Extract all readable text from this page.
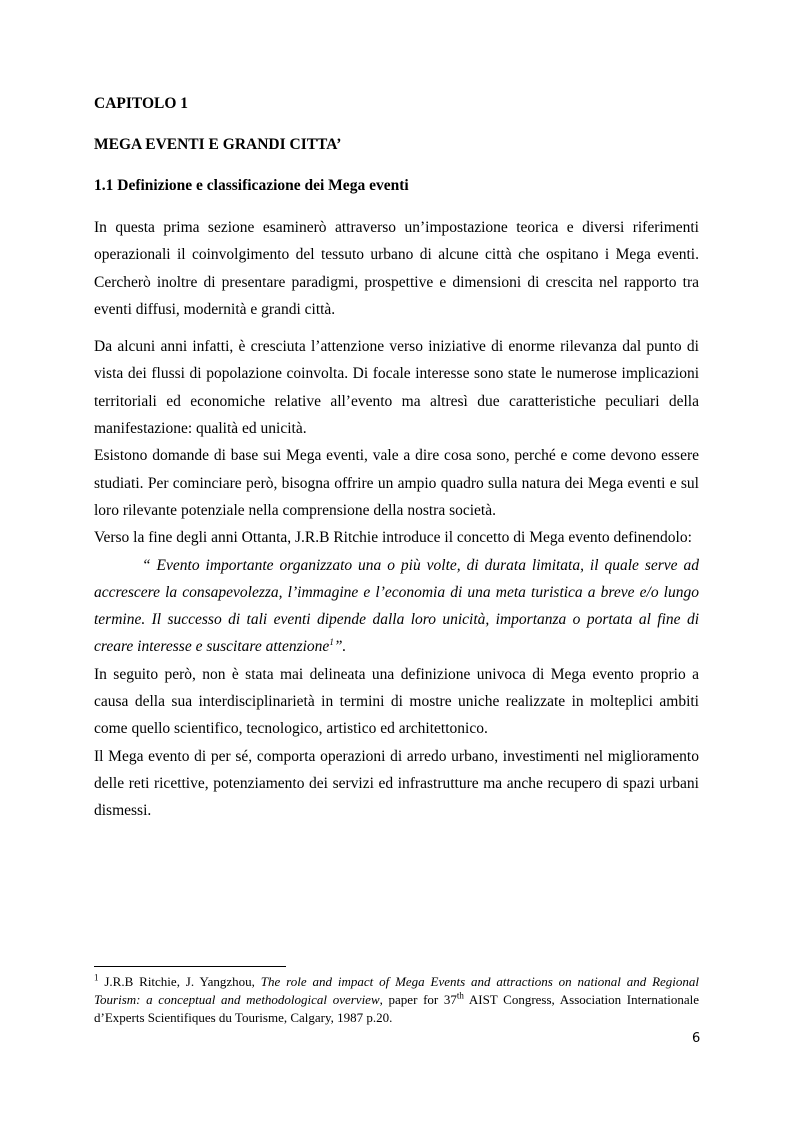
CAPITOLO 1

MEGA EVENTI E GRANDI CITTA’

1.1 Definizione e classificazione dei Mega eventi

In questa prima sezione esaminerò attraverso un’impostazione teorica e diversi riferimenti operazionali il coinvolgimento del tessuto urbano di alcune città che ospitano i Mega eventi. Cercherò inoltre di presentare paradigmi, prospettive e dimensioni di crescita nel rapporto tra eventi diffusi, modernità e grandi città.

Da alcuni anni infatti, è cresciuta l’attenzione verso iniziative di enorme rilevanza dal punto di vista dei flussi di popolazione coinvolta. Di focale interesse sono state le numerose implicazioni territoriali ed economiche relative all’evento ma altresì due caratteristiche peculiari della manifestazione: qualità ed unicità.

Esistono domande di base sui Mega eventi, vale a dire cosa sono, perché e come devono essere studiati. Per cominciare però, bisogna offrire un ampio quadro sulla natura dei Mega eventi e sul loro rilevante potenziale nella comprensione della nostra società.

Verso la fine degli anni Ottanta, J.R.B Ritchie introduce il concetto di Mega evento definendolo:

“ Evento importante organizzato una o più volte, di durata limitata, il quale serve ad accrescere la consapevolezza, l’immagine e l’economia di una meta turistica a breve e/o lungo termine. Il successo di tali eventi dipende dalla loro unicità, importanza o portata al fine di creare interesse e suscitare attenzione$^1$”.

In seguito però, non è stata mai delineata una definizione univoca di Mega evento proprio a causa della sua interdisciplinarietà in termini di mostre uniche realizzate in molteplici ambiti come quello scientifico, tecnologico, artistico ed architettonico.

Il Mega evento di per sé, comporta operazioni di arredo urbano, investimenti nel miglioramento delle reti ricettive, potenziamento dei servizi ed infrastrutture ma anche recupero di spazi urbani dismessi.

$^1$ J.R.B Ritchie, J. Yangzhou, The role and impact of Mega Events and attractions on national and Regional Tourism: a conceptual and methodological overview, paper for 37th AIST Congress, Association Internationale d’Experts Scientifiques du Tourisme, Calgary, 1987 p.20.

6
